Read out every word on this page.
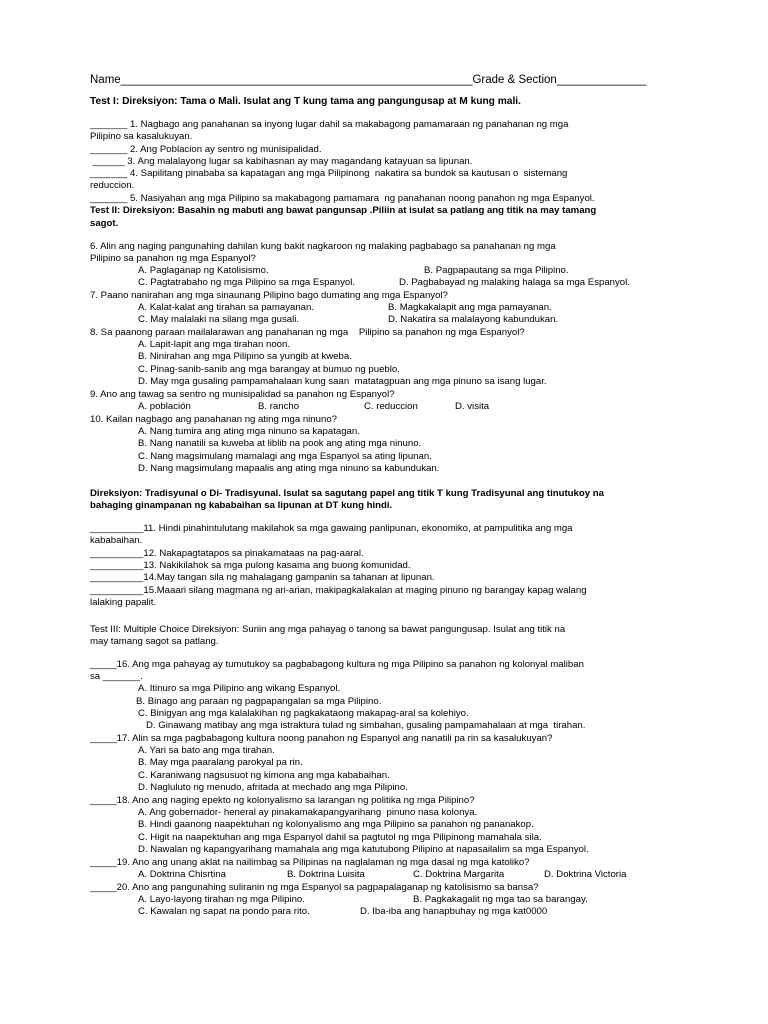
Name_______________________________________________________Grade & Section______________
Test I: Direksiyon: Tama o Mali. Isulat ang T kung tama ang pangungusap at M kung mali.
_______ 1. Nagbago ang panahanan sa inyong lugar dahil sa makabagong pamamaraan ng panahanan ng mga
Pilipino sa kasalukuyan.
_______ 2. Ang Poblacion ay sentro ng munisipalidad.
______ 3. Ang malalayong lugar sa kabihasnan ay may magandang katayuan sa lipunan.
_______ 4. Sapilitang pinababa sa kapatagan ang mga Pilipinong  nakatira sa bundok sa kautusan o  sistemang
reduccion.
_______ 5. Nasiyahan ang mga Pilipino sa makabagong pamamara  ng panahanan noong panahon ng mga Espanyol.
Test II: Direksiyon: Basahin ng mabuti ang bawat pangunsap .Piliin at isulat sa patlang ang titik na may tamang
sagot.
6. Alin ang naging pangunahing dahilan kung bakit nagkaroon ng malaking pagbabago sa panahanan ng mga
Pilipino sa panahon ng mga Espanyol?
A. Paglaganap ng Katolisismo.	B. Pagpapautang sa mga Pilipino.
C. Pagtatrabaho ng mga Pilipino sa mga Espanyol.	D. Pagbabayad ng malaking halaga sa mga Espanyol.
7. Paano nanirahan ang mga sinaunang Pilipino bago dumating ang mga Espanyol?
A. Kalat-kalat ang tirahan sa pamayanan.	B. Magkakalapit ang mga pamayanan.
C. May malalaki na silang mga gusali.	D. Nakatira sa malalayong kabundukan.
8. Sa paanong paraan mailalarawan ang panahanan ng mga    Pilipino sa panahon ng mga Espanyol?
A. Lapit-lapit ang mga tirahan noon.
B. Ninirahan ang mga Pilipino sa yungib at kweba.
C. Pinag-sanib-sanib ang mga barangay at bumuo ng pueblo.
D. May mga gusaling pampamahalaan kung saan  matatagpuan ang mga pinuno sa isang lugar.
9. Ano ang tawag sa sentro ng munisipalidad sa panahon ng Espanyol?
A. población	B. rancho	C. reduccion	D. visita
10. Kailan nagbago ang panahanan ng ating mga ninuno?
A. Nang tumira ang ating mga ninuno sa kapatagan.
B. Nang nanatili sa kuweba at liblib na pook ang ating mga ninuno.
C. Nang magsimulang mamalagi ang mga Espanyol sa ating lipunan.
D. Nang magsimulang mapaalis ang ating mga ninuno sa kabundukan.
Direksiyon: Tradisyunal o Di- Tradisyunal. Isulat sa sagutang papel ang titik T kung Tradisyunal ang tinutukoy na
bahaging ginampanan ng kababaihan sa lipunan at DT kung hindi.
__________11. Hindi pinahintulutang makilahok sa mga gawaing panlipunan, ekonomiko, at pampulitika ang mga
kababaihan.
__________12. Nakapagtatapos sa pinakamataas na pag-aaral.
__________13. Nakikilahok sa mga pulong kasama ang buong komunidad.
__________14.May tangan sila ng mahalagang gampanin sa tahanan at lipunan.
__________15.Maaari silang magmana ng ari-arian, makipagkalakalan at maging pinuno ng barangay kapag walang
lalaking papalit.
Test III: Multiple Choice Direksiyon: Suriin ang mga pahayag o tanong sa bawat pangungusap. Isulat ang titik na
may tamang sagot sa patlang.
_____16. Ang mga pahayag ay tumutukoy sa pagbabagong kultura ng mga Pilipino sa panahon ng kolonyal maliban
sa _______.
A. Itinuro sa mga Pilipino ang wikang Espanyol.
B. Binago ang paraan ng pagpapangalan sa mga Pilipino.
C. Binigyan ang mga kalalakihan ng pagkakataong makapag-aral sa kolehiyo.
D. Ginawang matibay ang mga istraktura tulad ng simbahan, gusaling pampamahalaan at mga  tirahan.
_____17. Alin sa mga pagbabagong kultura noong panahon ng Espanyol ang nanatili pa rin sa kasalukuyan?
A. Yari sa bato ang mga tirahan.
B. May mga paaralang parokyal pa rin.
C. Karaniwang nagsusuot ng kimona ang mga kababaihan.
D. Nagluluto ng menudo, afritada at mechado ang mga Pilipino.
_____18. Ano ang naging epekto ng kolonyalismo sa larangan ng politika ng mga Pilipino?
A. Ang gobernador- heneral ay pinakamakapangyarihang  pinuno nasa kolonya.
B. Hindi gaanong naapektuhan ng kolonyalismo ang mga Pilipino sa panahon ng pananakop.
C. Higit na naapektuhan ang mga Espanyol dahil sa pagtutol ng mga Pilipinong mamahala sila.
D. Nawalan ng kapangyarihang mamahala ang mga katutubong Pilipino at napasailalim sa mga Espanyol.
_____19. Ano ang unang aklat na nailimbag sa Pilipinas na naglalaman ng mga dasal ng mga katoliko?
A. Doktrina Chisrtina	B. Doktrina Luisita	C. Doktrina Margarita	D. Doktrina Victoria
_____20. Ano ang pangunahing suliranin ng mga Espanyol sa pagpapalaganap ng katolisismo sa bansa?
A. Layo-layong tirahan ng mga Pilipino.	B. Pagkakagalit ng mga tao sa barangay.
C. Kawalan ng sapat na pondo para rito.	D. Iba-iba ang hanapbuhay ng mga kat0000
